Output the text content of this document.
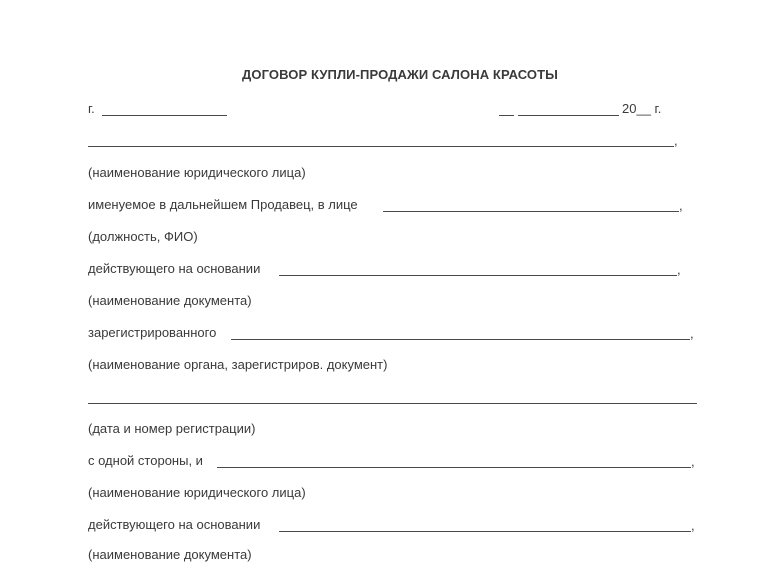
ДОГОВОР КУПЛИ-ПРОДАЖИ САЛОНА КРАСОТЫ
г.	20__ г.
,
(наименование юридического лица)
именуемое в дальнейшем Продавец, в лице	,
(должность, ФИО)
действующего на основании	,
(наименование документа)
зарегистрированного	,
(наименование органа, зарегистриров. документ)
(дата и номер регистрации)
с одной стороны, и	,
(наименование юридического лица)
действующего на основании	,
(наименование документа)
